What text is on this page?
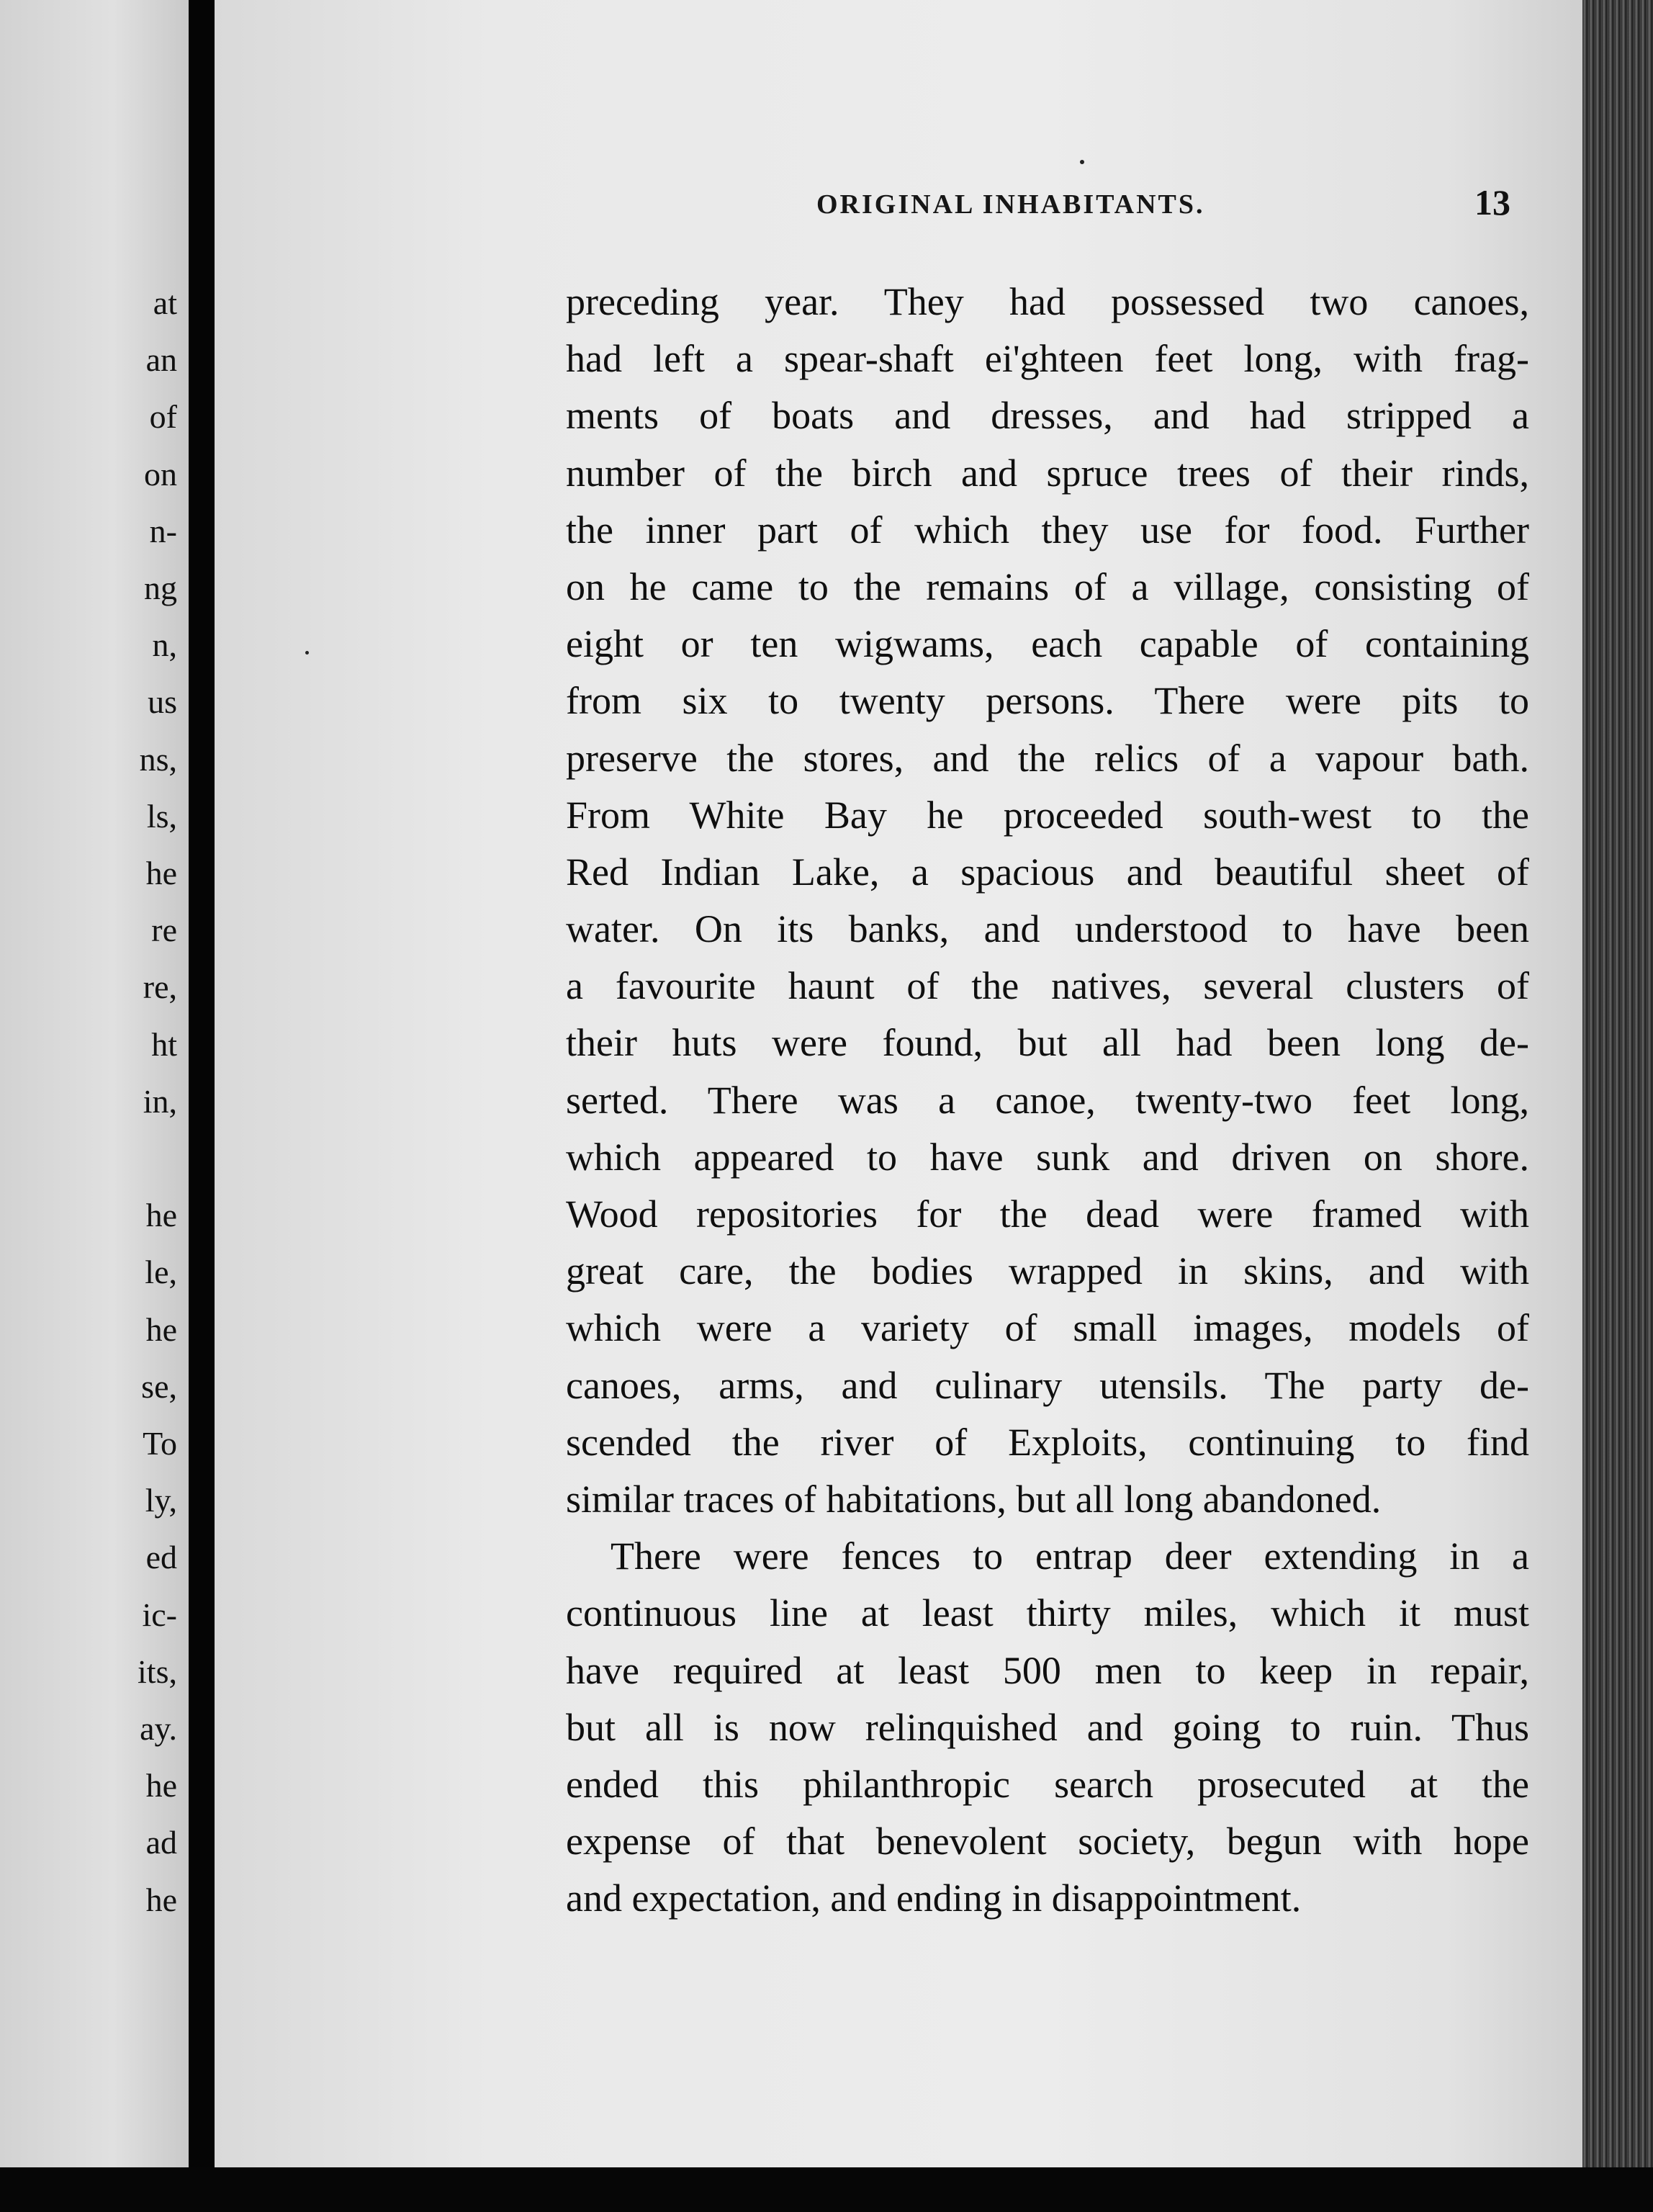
at
an
of
on
n-
ng
n,
us
ns,
ls,
he
re
re,
ht
in,
he
le,
he
se,
To
ly,
ed
ic-
its,
ay.
he
ad
he
ORIGINAL INHABITANTS.	13
preceding year. They had possessed two canoes,
had left a spear-shaft ei'ghteen feet long, with frag-
ments of boats and dresses, and had stripped a
number of the birch and spruce trees of their rinds,
the inner part of which they use for food. Further
on he came to the remains of a village, consisting of
eight or ten wigwams, each capable of containing
from six to twenty persons. There were pits to
preserve the stores, and the relics of a vapour bath.
From White Bay he proceeded south-west to the
Red Indian Lake, a spacious and beautiful sheet of
water. On its banks, and understood to have been
a favourite haunt of the natives, several clusters of
their huts were found, but all had been long de-
serted. There was a canoe, twenty-two feet long,
which appeared to have sunk and driven on shore.
Wood repositories for the dead were framed with
great care, the bodies wrapped in skins, and with
which were a variety of small images, models of
canoes, arms, and culinary utensils. The party de-
scended the river of Exploits, continuing to find
similar traces of habitations, but all long abandoned.
There were fences to entrap deer extending in a
continuous line at least thirty miles, which it must
have required at least 500 men to keep in repair,
but all is now relinquished and going to ruin. Thus
ended this philanthropic search prosecuted at the
expense of that benevolent society, begun with hope
and expectation, and ending in disappointment.
